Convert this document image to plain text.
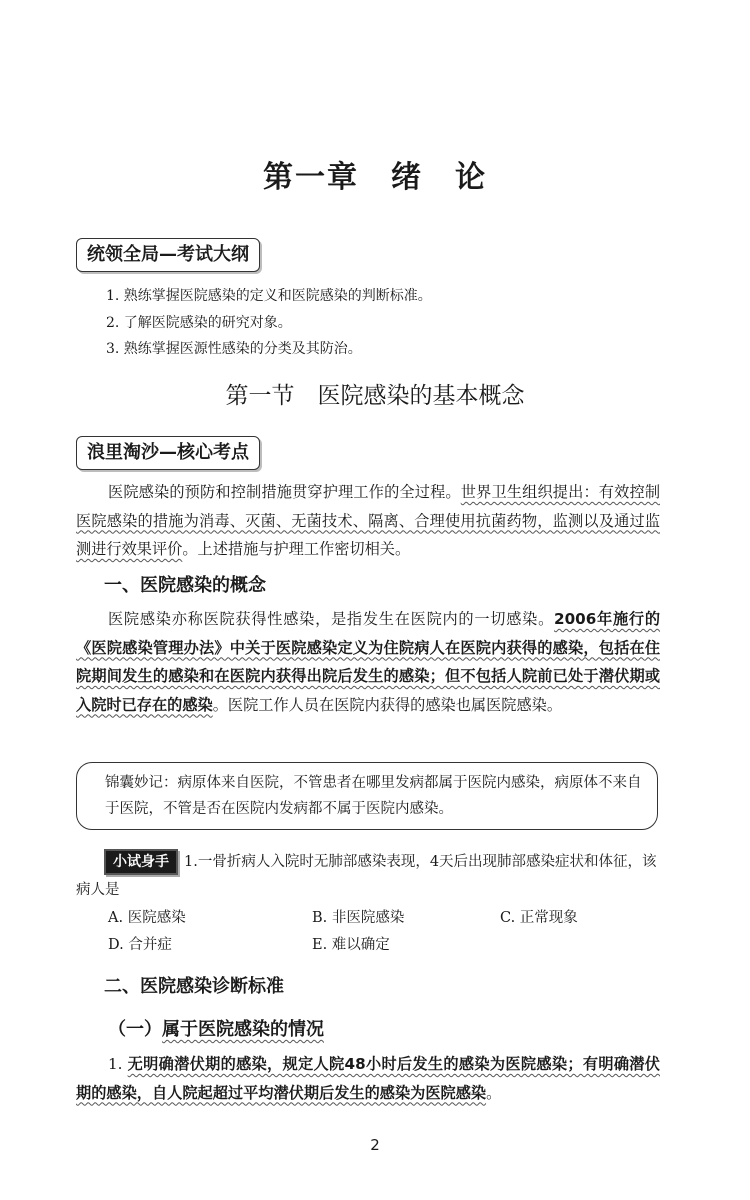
第一章　绪　论
统领全局—考试大纲
1. 熟练掌握医院感染的定义和医院感染的判断标准。
2. 了解医院感染的研究对象。
3. 熟练掌握医源性感染的分类及其防治。
第一节　医院感染的基本概念
浪里淘沙—核心考点
医院感染的预防和控制措施贯穿护理工作的全过程。世界卫生组织提出：有效控制医院感染的措施为消毒、灭菌、无菌技术、隔离、合理使用抗菌药物，监测以及通过监测进行效果评价。上述措施与护理工作密切相关。
一、医院感染的概念
医院感染亦称医院获得性感染，是指发生在医院内的一切感染。2006年施行的《医院感染管理办法》中关于医院感染定义为住院病人在医院内获得的感染，包括在住院期间发生的感染和在医院内获得出院后发生的感染；但不包括人院前已处于潜伏期或入院时已存在的感染。医院工作人员在医院内获得的感染也属医院感染。
锦囊妙记：病原体来自医院，不管患者在哪里发病都属于医院内感染，病原体不来自于医院，不管是否在医院内发病都不属于医院内感染。
小试身手 1.一骨折病人入院时无肺部感染表现，4天后出现肺部感染症状和体征，该病人是
A. 医院感染	B. 非医院感染	C. 正常现象
D. 合并症	E. 难以确定
二、医院感染诊断标准
（一）属于医院感染的情况
1. 无明确潜伏期的感染，规定人院48小时后发生的感染为医院感染；有明确潜伏期的感染，自人院起超过平均潜伏期后发生的感染为医院感染。
2
